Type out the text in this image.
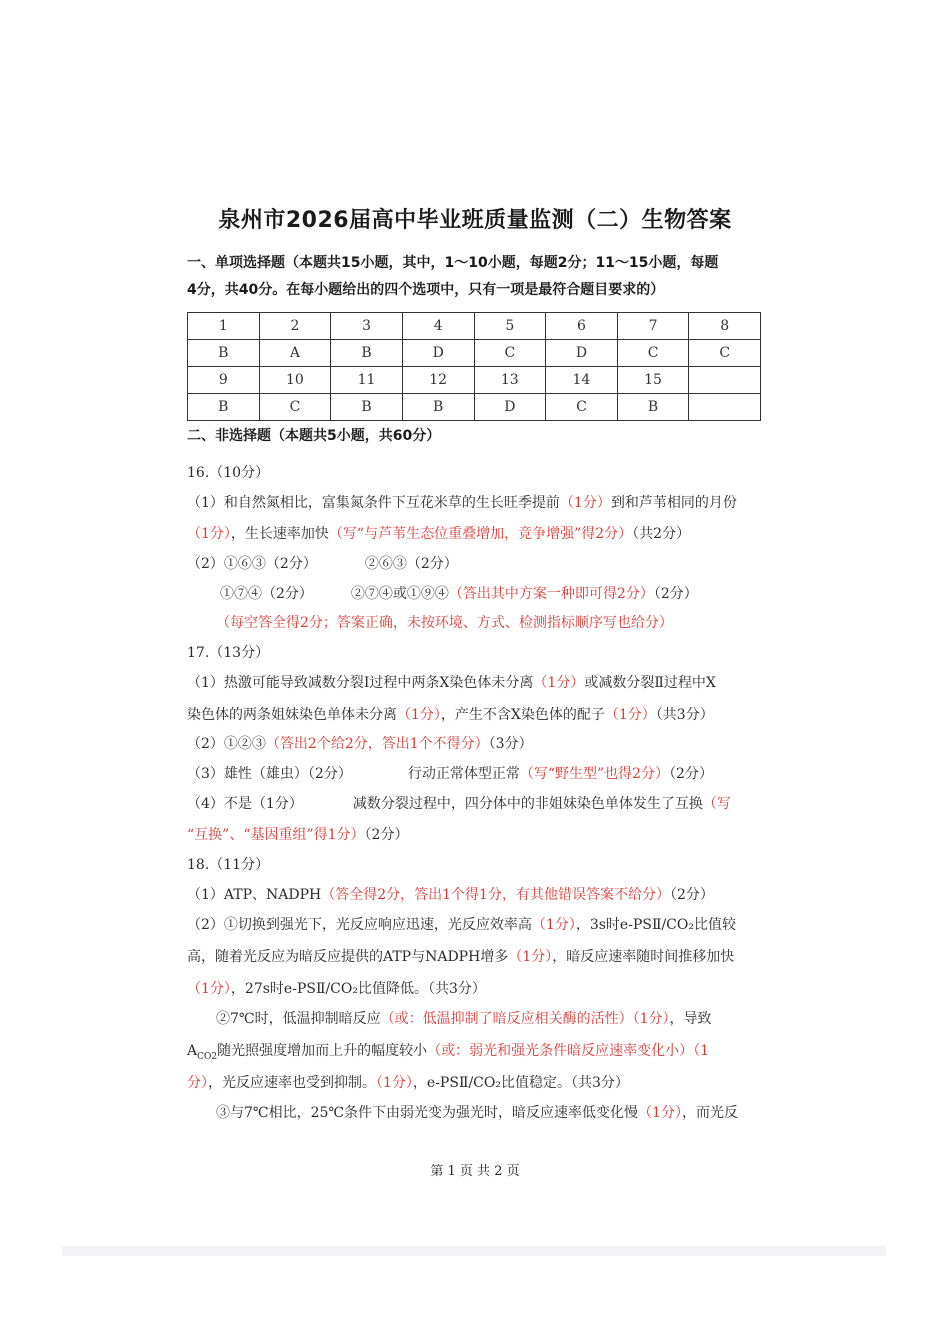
泉州市2026届高中毕业班质量监测（二）生物答案
一、单项选择题（本题共15小题，其中，1～10小题，每题2分；11～15小题，每题
4分，共40分。在每小题给出的四个选项中，只有一项是最符合题目要求的）
1	2	3	4	5	6	7	8
B	A	B	D	C	D	C	C
9	10	11	12	13	14	15	
B	C	B	B	D	C	B	
二、非选择题（本题共5小题，共60分）
16.（10分）
（1）和自然氮相比，富集氮条件下互花米草的生长旺季提前（1分）到和芦苇相同的月份
（1分），生长速率加快（写“与芦苇生态位重叠增加，竞争增强”得2分）（共2分）
（2）①⑥③（2分）	②⑥③（2分）
①⑦④（2分）	②⑦④或①⑨④（答出其中方案一种即可得2分）（2分）
（每空答全得2分；答案正确，未按环境、方式、检测指标顺序写也给分）
17.（13分）
（1）热激可能导致减数分裂Ⅰ过程中两条X染色体未分离（1分）或减数分裂Ⅱ过程中X
染色体的两条姐妹染色单体未分离（1分），产生不含X染色体的配子（1分）（共3分）
（2）①②③（答出2个给2分，答出1个不得分）（3分）
（3）雄性（雄虫）（2分）	行动正常体型正常（写“野生型”也得2分）（2分）
（4）不是（1分）	减数分裂过程中，四分体中的非姐妹染色单体发生了互换（写
“互换”、“基因重组”得1分）（2分）
18.（11分）
（1）ATP、NADPH（答全得2分，答出1个得1分，有其他错误答案不给分）（2分）
（2）①切换到强光下，光反应响应迅速，光反应效率高（1分），3s时e-PSⅡ/CO₂比值较
高，随着光反应为暗反应提供的ATP与NADPH增多（1分），暗反应速率随时间推移加快
（1分），27s时e-PSⅡ/CO₂比值降低。（共3分）
②7℃时，低温抑制暗反应（或：低温抑制了暗反应相关酶的活性）（1分），导致
$A_{CO2}$随光照强度增加而上升的幅度较小（或：弱光和强光条件暗反应速率变化小）（1
分），光反应速率也受到抑制。（1分），e-PSⅡ/CO₂比值稳定。（共3分）
③与7℃相比，25℃条件下由弱光变为强光时，暗反应速率低变化慢（1分），而光反
第 1 页 共 2 页
